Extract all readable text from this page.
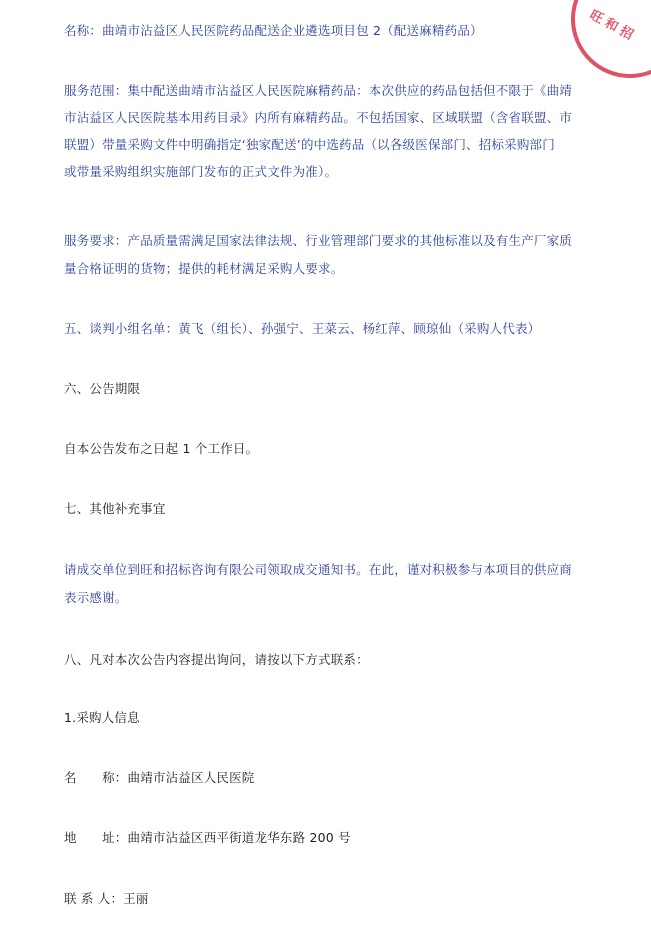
旺和招
名称：曲靖市沾益区人民医院药品配送企业遴选项目包 2（配送麻精药品）
服务范围：集中配送曲靖市沾益区人民医院麻精药品：本次供应的药品包括但不限于《曲靖
市沾益区人民医院基本用药目录》内所有麻精药品。不包括国家、区域联盟（含省联盟、市
联盟）带量采购文件中明确指定‘独家配送’的中选药品（以各级医保部门、招标采购部门
或带量采购组织实施部门发布的正式文件为准）。
服务要求：产品质量需满足国家法律法规、行业管理部门要求的其他标准以及有生产厂家质
量合格证明的货物；提供的耗材满足采购人要求。
五、谈判小组名单：黄飞（组长）、孙强宁、王菜云、杨红萍、顾琼仙（采购人代表）
六、公告期限
自本公告发布之日起 1 个工作日。
七、其他补充事宜
请成交单位到旺和招标咨询有限公司领取成交通知书。在此，谨对积极参与本项目的供应商
表示感谢。
八、凡对本次公告内容提出询问，请按以下方式联系：
1.采购人信息
名　　称：曲靖市沾益区人民医院
地　　址：曲靖市沾益区西平街道龙华东路 200 号
联 系 人：王丽
